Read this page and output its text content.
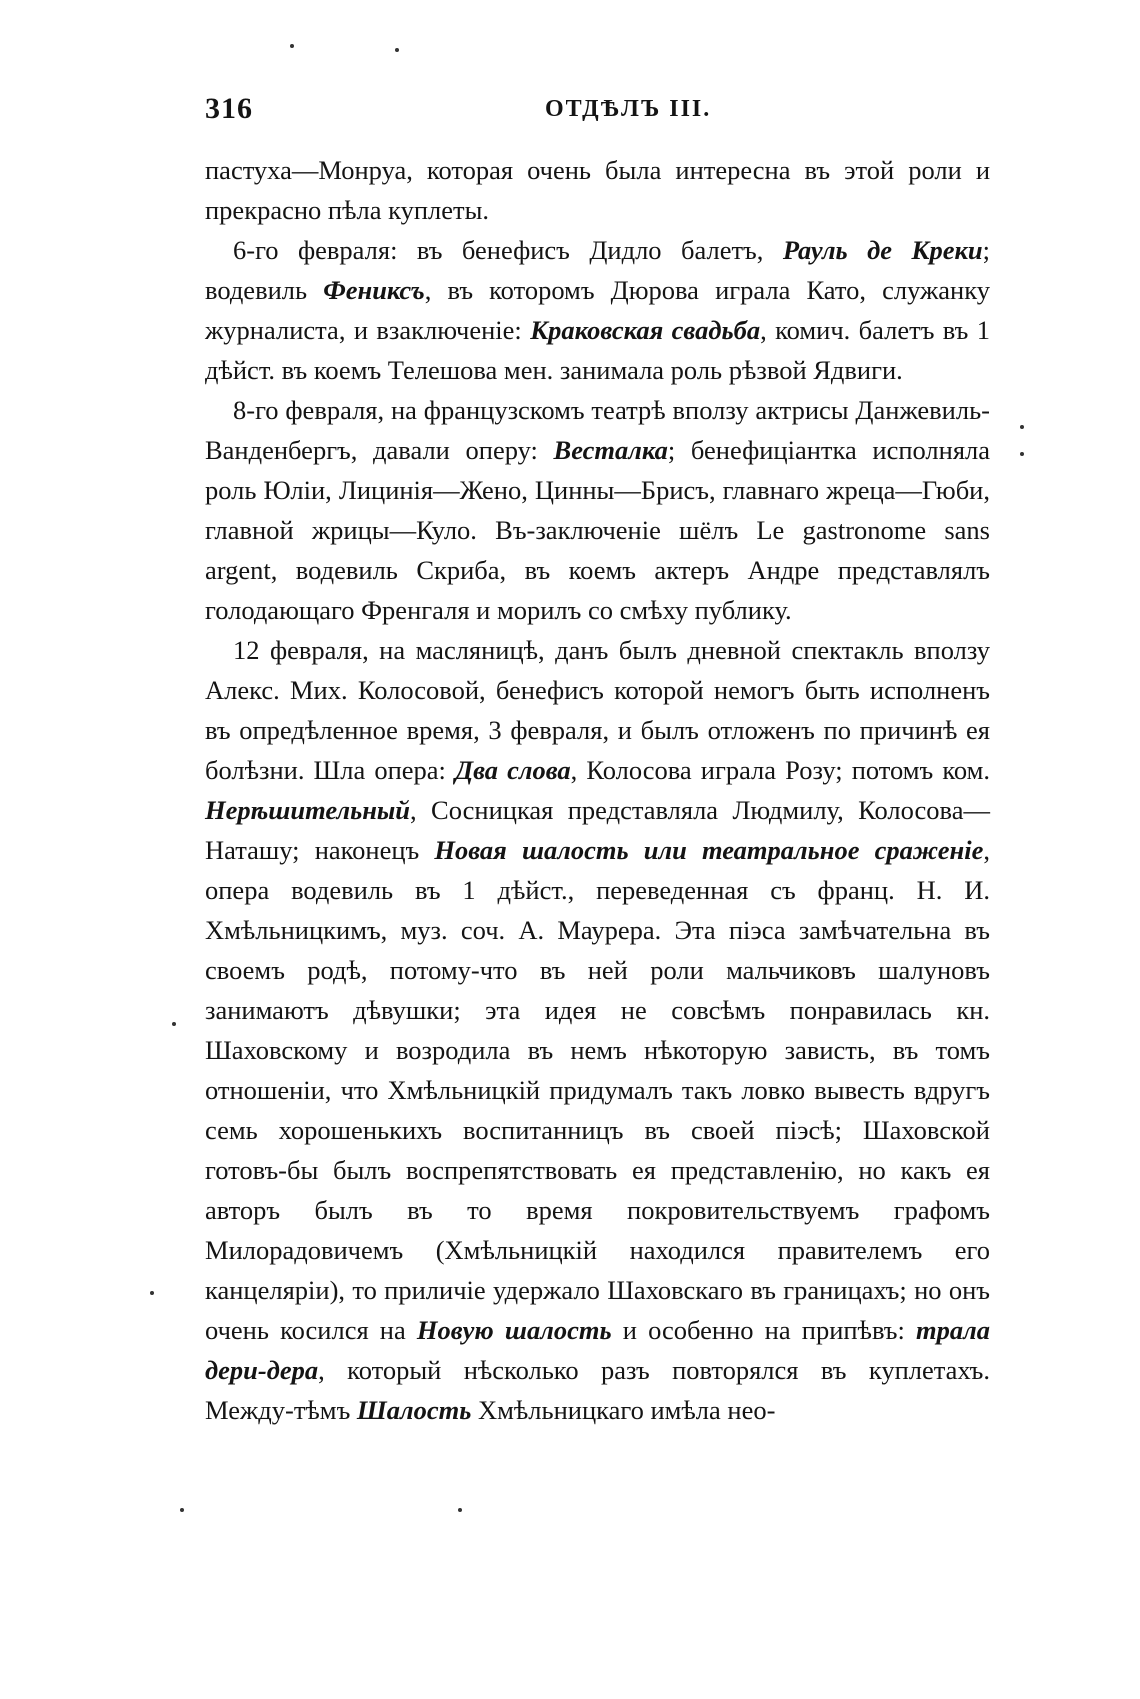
316	ОТДѢЛЪ III.

пастуха—Монруа, которая очень была интересна въ этой роли и прекрасно пѣла куплеты.

6-го февраля: въ бенефисъ Дидло балетъ, Рауль де Креки; водевиль Фениксъ, въ которомъ Дюрова играла Като, служанку журналиста, и взаключеніе: Краковская свадьба, комич. балетъ въ 1 дѣйст. въ коемъ Телешова мен. занимала роль рѣзвой Ядвиги.

8-го февраля, на французскомъ театрѣ вползу актрисы Данжевиль-Ванденбергъ, давали оперу: Весталка; бенефиціантка исполняла роль Юліи, Лицинія—Жено, Цинны—Брисъ, главнаго жреца—Гюби, главной жрицы—Куло. Въ-заключеніе шёлъ Le gastronome sans argent, водевиль Скриба, въ коемъ актеръ Андре представлялъ голодающаго Френгаля и морилъ со смѣху публику.

12 февраля, на масляницѣ, данъ былъ дневной спектакль вползу Алекс. Мих. Колосовой, бенефисъ которой немогъ быть исполненъ въ опредѣленное время, 3 февраля, и былъ отложенъ по причинѣ ея болѣзни. Шла опера: Два слова, Колосова играла Розу; потомъ ком. Нерѣшительный, Сосницкая представляла Людмилу, Колосова—Наташу; наконецъ Новая шалость или театральное сраженіе, опера водевиль въ 1 дѣйст., переведенная съ франц. Н. И. Хмѣльницкимъ, муз. соч. А. Маурера. Эта піэса замѣчательна въ своемъ родѣ, потому-что въ ней роли мальчиковъ шалуновъ занимаютъ дѣвушки; эта идея не совсѣмъ понравилась кн. Шаховскому и возродила въ немъ нѣкоторую зависть, въ томъ отношеніи, что Хмѣльницкій придумалъ такъ ловко вывесть вдругъ семь хорошенькихъ воспитанницъ въ своей піэсѣ; Шаховской готовъ-бы былъ воспрепятствовать ея представленію, но какъ ея авторъ былъ въ то время покровительствуемъ графомъ Милорадовичемъ (Хмѣльницкій находился правителемъ его канцеляріи), то приличіе удержало Шаховскаго въ границахъ; но онъ очень косился на Новую шалость и особенно на припѣвъ: трала дери-дера, который нѣсколько разъ повторялся въ куплетахъ. Между-тѣмъ Шалость Хмѣльницкаго имѣла нео-
